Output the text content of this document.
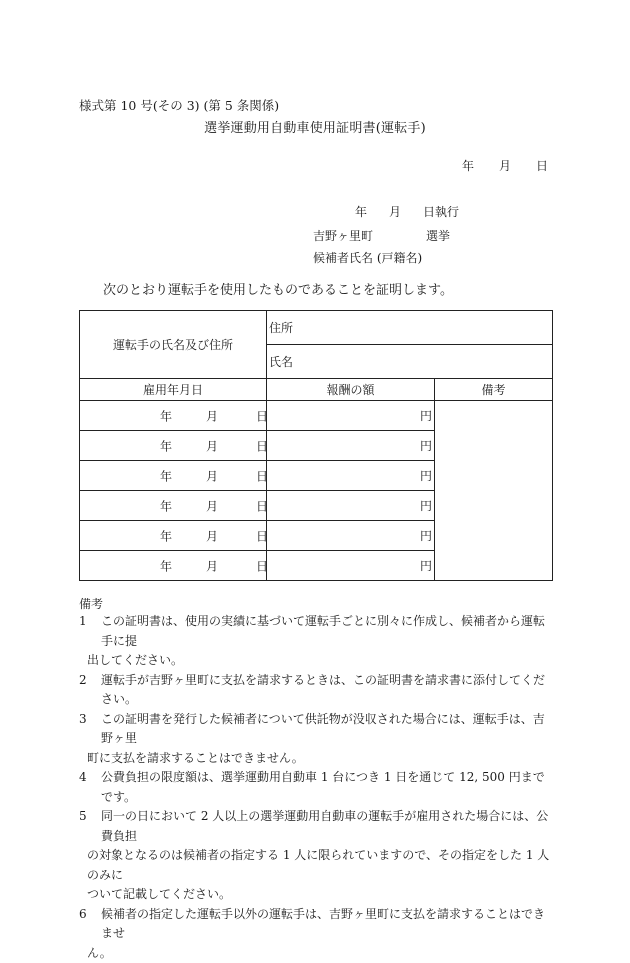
様式第 10 号(その 3) (第 5 条関係)
選挙運動用自動車使用証明書(運転手)
年 月 日
年 月 日執行
吉野ヶ里町	選挙
候補者氏名 (戸籍名)
次のとおり運転手を使用したものであることを証明します。
運転手の氏名及び住所	住所	
	氏名	
雇用年月日	報酬の額	備考

年 月 日	円	

年 月 日	円	

年 月 日	円	

年 月 日	円	

年 月 日	円	

年 月 日	円	
備考
1	この証明書は、使用の実績に基づいて運転手ごとに別々に作成し、候補者から運転手に提
出してください。
2	運転手が吉野ヶ里町に支払を請求するときは、この証明書を請求書に添付してください。
3	この証明書を発行した候補者について供託物が没収された場合には、運転手は、吉野ヶ里
町に支払を請求することはできません。
4	公費負担の限度額は、選挙運動用自動車 1 台につき 1 日を通じて 12, 500 円までです。
5	同一の日において 2 人以上の選挙運動用自動車の運転手が雇用された場合には、公費負担
の対象となるのは候補者の指定する 1 人に限られていますので、その指定をした 1 人のみに
ついて記載してください。
6	候補者の指定した運転手以外の運転手は、吉野ヶ里町に支払を請求することはできませ
ん。
